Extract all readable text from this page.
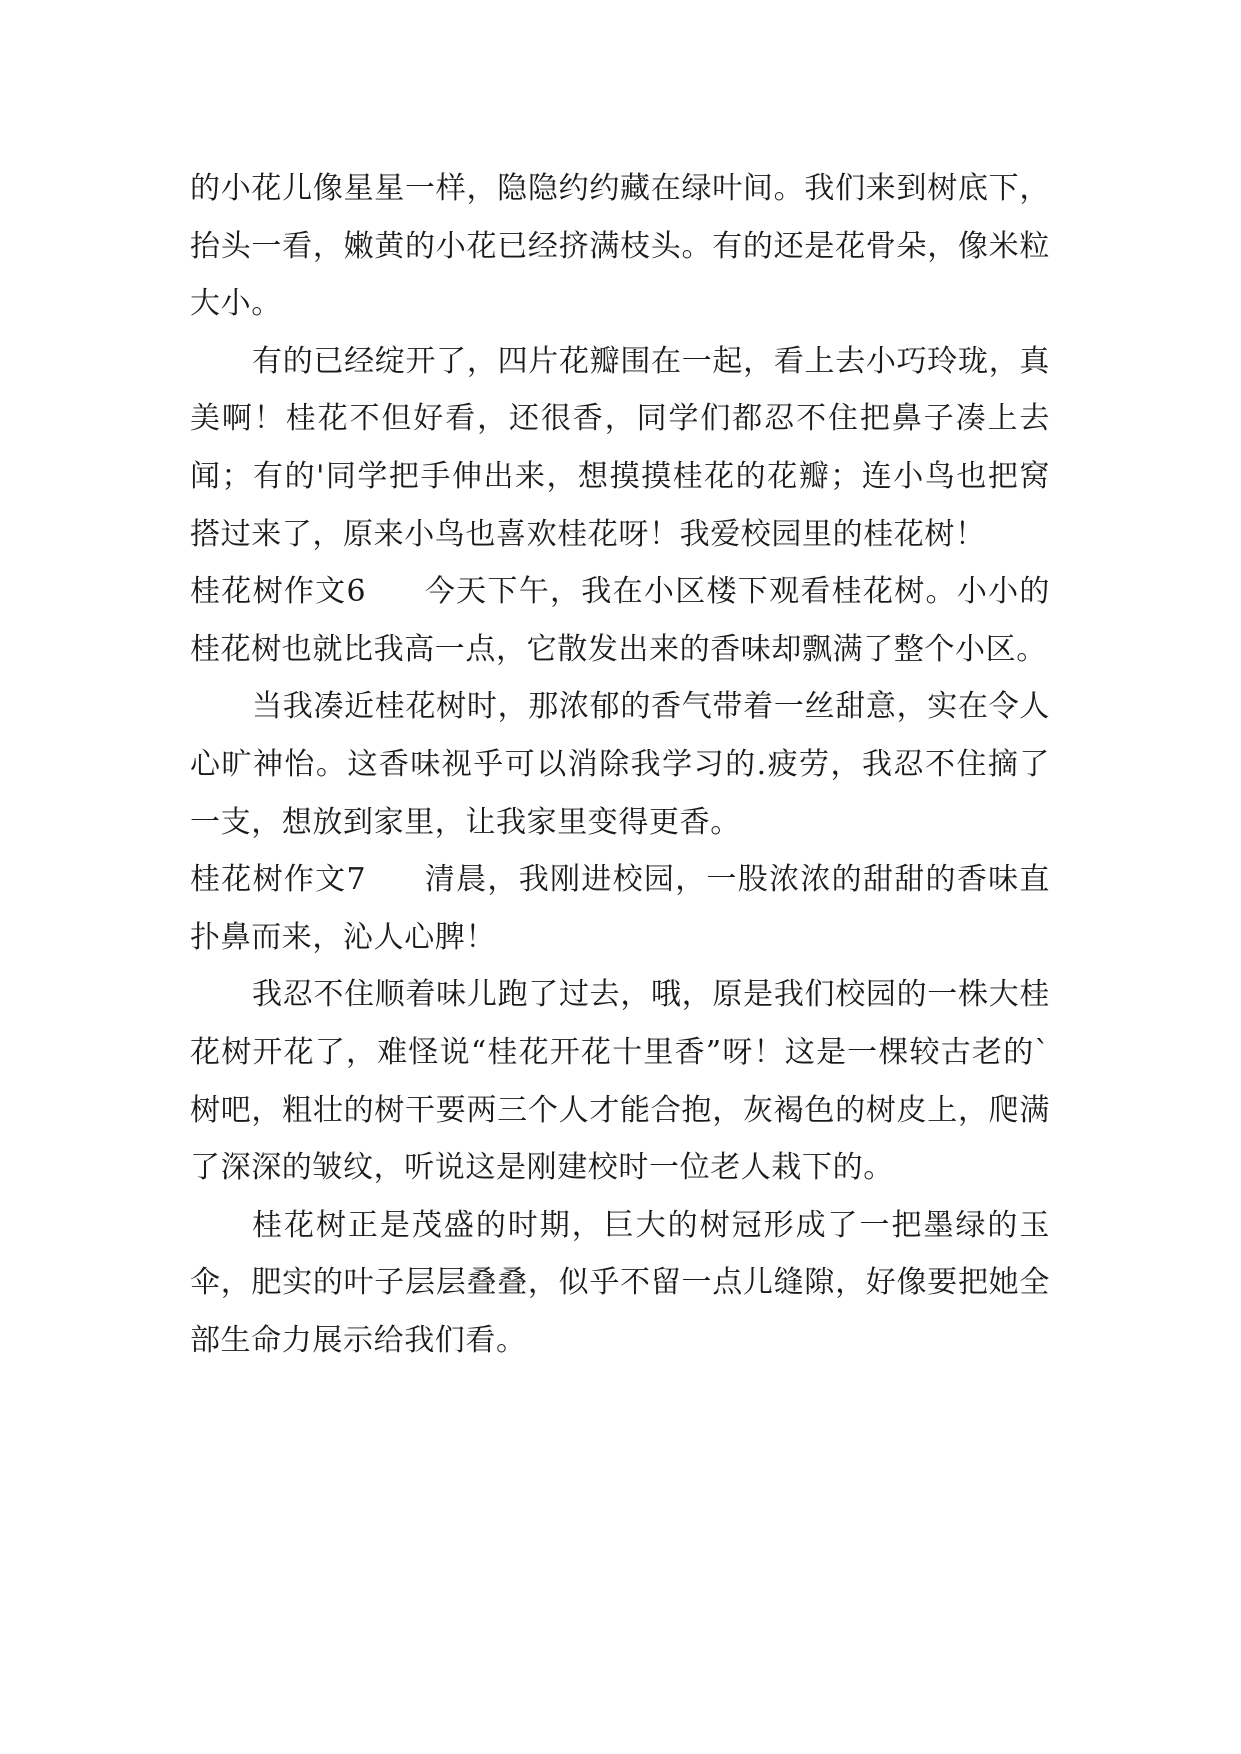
的小花儿像星星一样，隐隐约约藏在绿叶间。我们来到树底下，抬头一看，嫩黄的小花已经挤满枝头。有的还是花骨朵，像米粒大小。

有的已经绽开了，四片花瓣围在一起，看上去小巧玲珑，真美啊！桂花不但好看，还很香，同学们都忍不住把鼻子凑上去闻；有的'同学把手伸出来，想摸摸桂花的花瓣；连小鸟也把窝搭过来了，原来小鸟也喜欢桂花呀！我爱校园里的桂花树！

桂花树作文6 今天下午，我在小区楼下观看桂花树。小小的桂花树也就比我高一点，它散发出来的香味却飘满了整个小区。

当我凑近桂花树时，那浓郁的香气带着一丝甜意，实在令人心旷神怡。这香味视乎可以消除我学习的.疲劳，我忍不住摘了一支，想放到家里，让我家里变得更香。

桂花树作文7 清晨，我刚进校园，一股浓浓的甜甜的香味直扑鼻而来，沁人心脾！

我忍不住顺着味儿跑了过去，哦，原是我们校园的一株大桂花树开花了，难怪说“桂花开花十里香”呀！这是一棵较古老的`树吧，粗壮的树干要两三个人才能合抱，灰褐色的树皮上，爬满了深深的皱纹，听说这是刚建校时一位老人栽下的。

桂花树正是茂盛的时期，巨大的树冠形成了一把墨绿的玉伞，肥实的叶子层层叠叠，似乎不留一点儿缝隙，好像要把她全部生命力展示给我们看。
